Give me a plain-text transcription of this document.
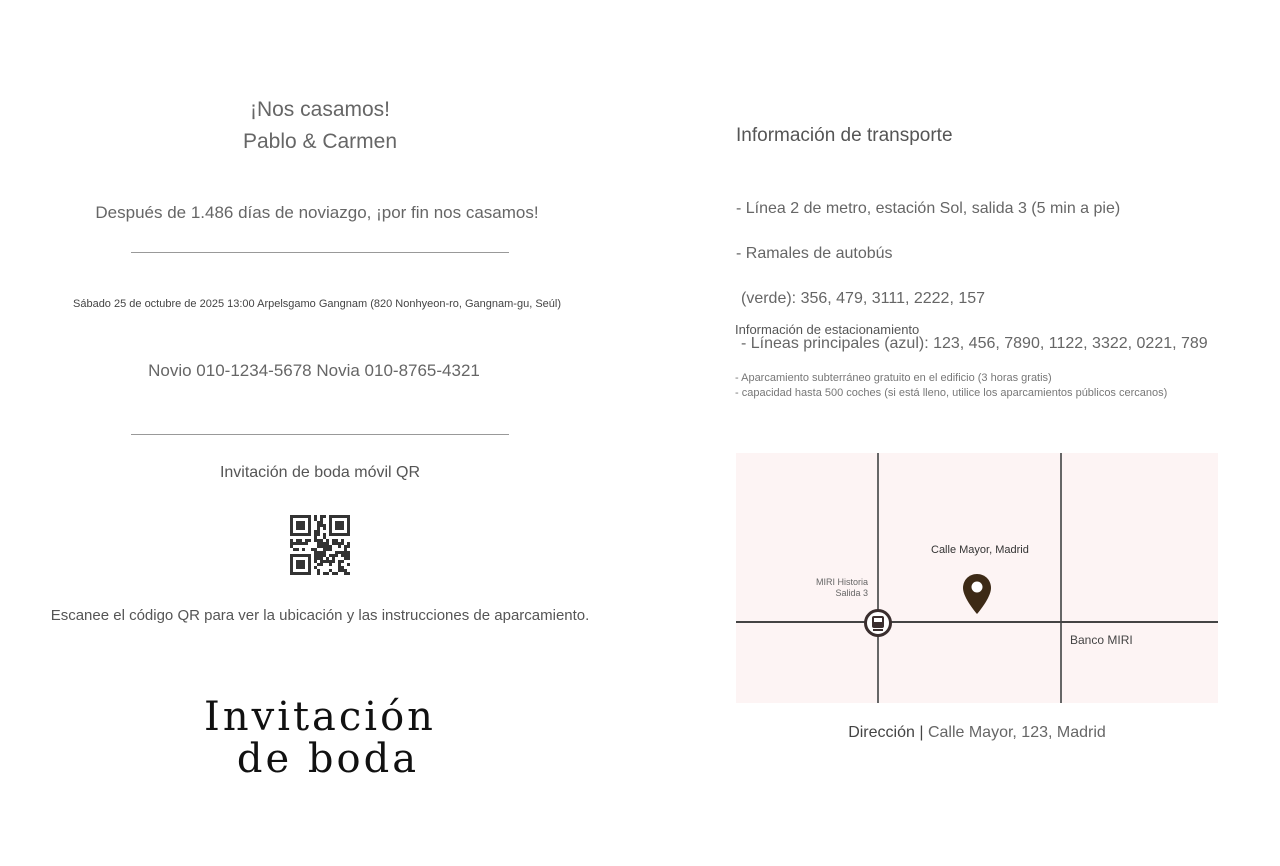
¡Nos casamos!
Pablo & Carmen
Después de 1.486 días de noviazgo, ¡por fin nos casamos!
Sábado 25 de octubre de 2025 13:00 Arpelsgamo Gangnam (820 Nonhyeon-ro, Gangnam-gu, Seúl)
Novio 010-1234-5678 Novia 010-8765-4321
Invitación de boda móvil QR
Escanee el código QR para ver la ubicación y las instrucciones de aparcamiento.
Invitación
de boda
Información de transporte

- Línea 2 de metro, estación Sol, salida 3 (5 min a pie)

- Ramales de autobús

(verde): 356, 479, 3111, 2222, 157

- Líneas principales (azul): 123, 456, 7890, 1122, 3322, 0221, 789

Información de estacionamiento
- Aparcamiento subterráneo gratuito en el edificio (3 horas gratis)
- capacidad hasta 500 coches (si está lleno, utilice los aparcamientos públicos cercanos)
Calle Mayor, Madrid
MIRI Historia
Salida 3
Banco MIRI
Dirección | Calle Mayor, 123, Madrid
